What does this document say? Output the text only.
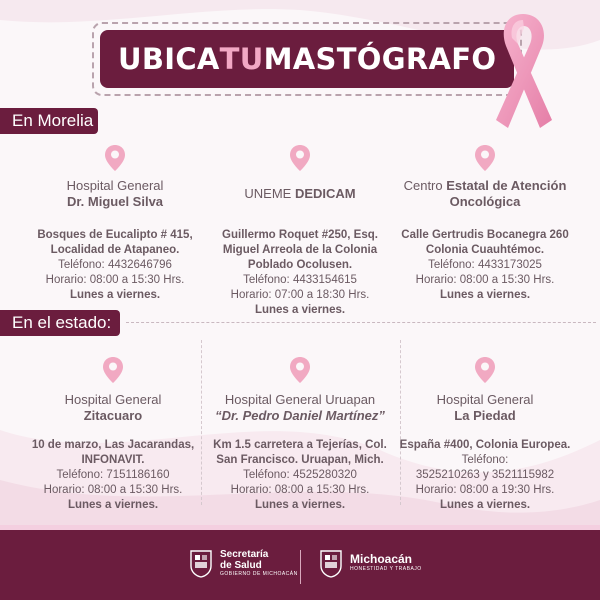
UBICA TU MASTÓGRAFO
En Morelia
Hospital General
Dr. Miguel Silva
Bosques de Eucalipto # 415, Localidad de Atapaneo.
Teléfono: 4432646796
Horario: 08:00 a 15:30 Hrs.
Lunes a viernes.
UNEME DEDICAM
Guillermo Roquet #250, Esq. Miguel Arreola de la Colonia Poblado Ocolusen.
Teléfono: 4433154615
Horario: 07:00 a 18:30 Hrs.
Lunes a viernes.
Centro Estatal de Atención Oncológica
Calle Gertrudis Bocanegra 260 Colonia Cuauhtémoc.
Teléfono: 4433173025
Horario: 08:00 a 15:30 Hrs.
Lunes a viernes.
En el estado:
Hospital General
Zitacuaro
10 de marzo, Las Jacarandas, INFONAVIT.
Teléfono: 7151186160
Horario: 08:00 a 15:30 Hrs.
Lunes a viernes.
Hospital General Uruapan
“Dr. Pedro Daniel Martínez”
Km 1.5 carretera a Tejerías, Col. San Francisco. Uruapan, Mich.
Teléfono: 4525280320
Horario: 08:00 a 15:30 Hrs.
Lunes a viernes.
Hospital General
La Piedad
España #400, Colonia Europea. Teléfono:
3525210263 y 3521115982
Horario: 08:00 a 19:30 Hrs.
Lunes a viernes.
Secretaría
de Salud
GOBIERNO DE MICHOACÁN
Michoacán
HONESTIDAD Y TRABAJO
